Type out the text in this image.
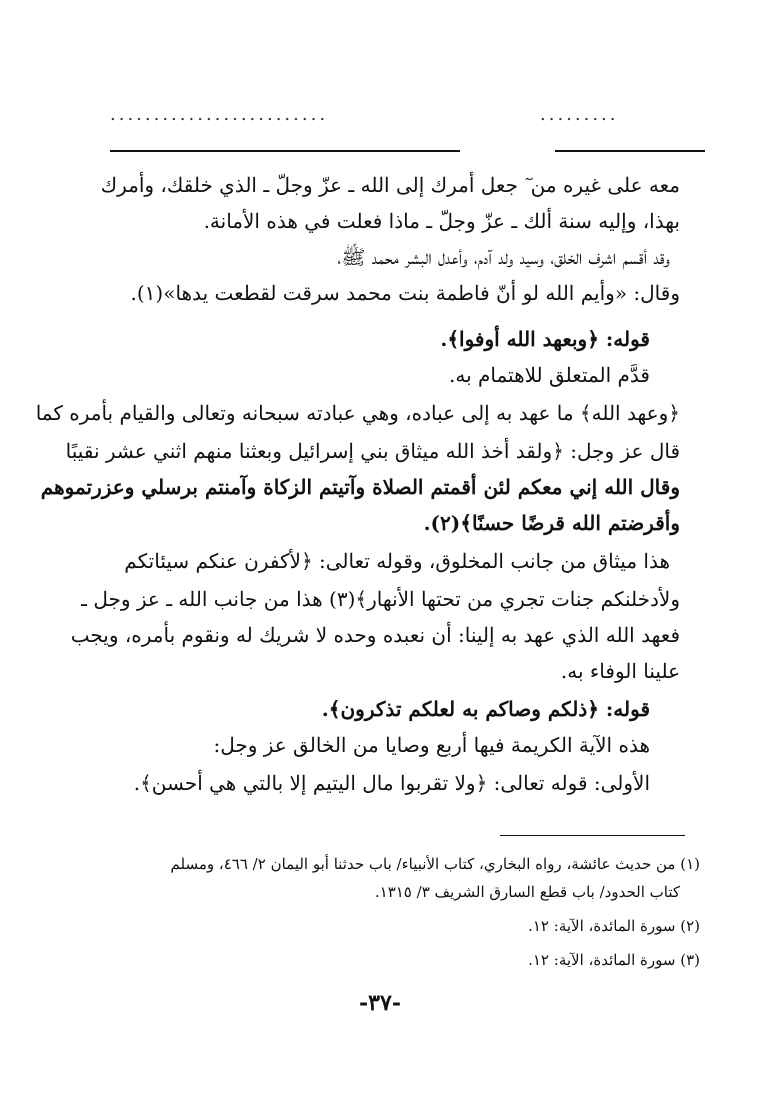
.........................	.........
معه على غيره من ٓ جعل أمرك إلى الله ـ عزّ وجلّ ـ الذي خلقك، وأمرك
بهذا، وإليه سنة ألك ـ عزّ وجلّ ـ ماذا فعلت في هذه الأمانة.
وقد أقسم اشرف الخلق، وسيد ولد آدم، وأعدل البشر محمد ﷺ،
وقال: «وأيم الله لو أنّ فاطمة بنت محمد سرقت لقطعت يدها»(١).
قوله: ﴿وبعهد الله أوفوا﴾.
قدَّم المتعلق للاهتمام به.
﴿وعهد الله﴾ ما عهد به إلى عباده، وهي عبادته سبحانه وتعالى والقيام بأمره كما
قال عز وجل: ﴿ولقد أخذ الله ميثاق بني إسرائيل وبعثنا منهم اثني عشر نقيبًا
وقال الله إني معكم لئن أقمتم الصلاة وآتيتم الزكاة وآمنتم برسلي وعزرتموهم
وأقرضتم الله قرضًا حسنًا﴾(٢).
هذا ميثاق من جانب المخلوق، وقوله تعالى: ﴿لأكفرن عنكم سيئاتكم
ولأدخلنكم جنات تجري من تحتها الأنهار﴾(٣) هذا من جانب الله ـ عز وجل ـ
فعهد الله الذي عهد به إلينا: أن نعبده وحده لا شريك له ونقوم بأمره، ويجب
علينا الوفاء به.
قوله: ﴿ذلكم وصاكم به لعلكم تذكرون﴾.
هذه الآية الكريمة فيها أربع وصايا من الخالق عز وجل:
الأولى: قوله تعالى: ﴿ولا تقربوا مال اليتيم إلا بالتي هي أحسن﴾.
(١) من حديث عائشة، رواه البخاري، كتاب الأنبياء/ باب حدثنا أبو اليمان ٢/ ٤٦٦، ومسلم
كتاب الحدود/ باب قطع السارق الشريف ٣/ ١٣١٥.
(٢) سورة المائدة، الآية: ١٢.
(٣) سورة المائدة، الآية: ١٢.
-٣٧-
